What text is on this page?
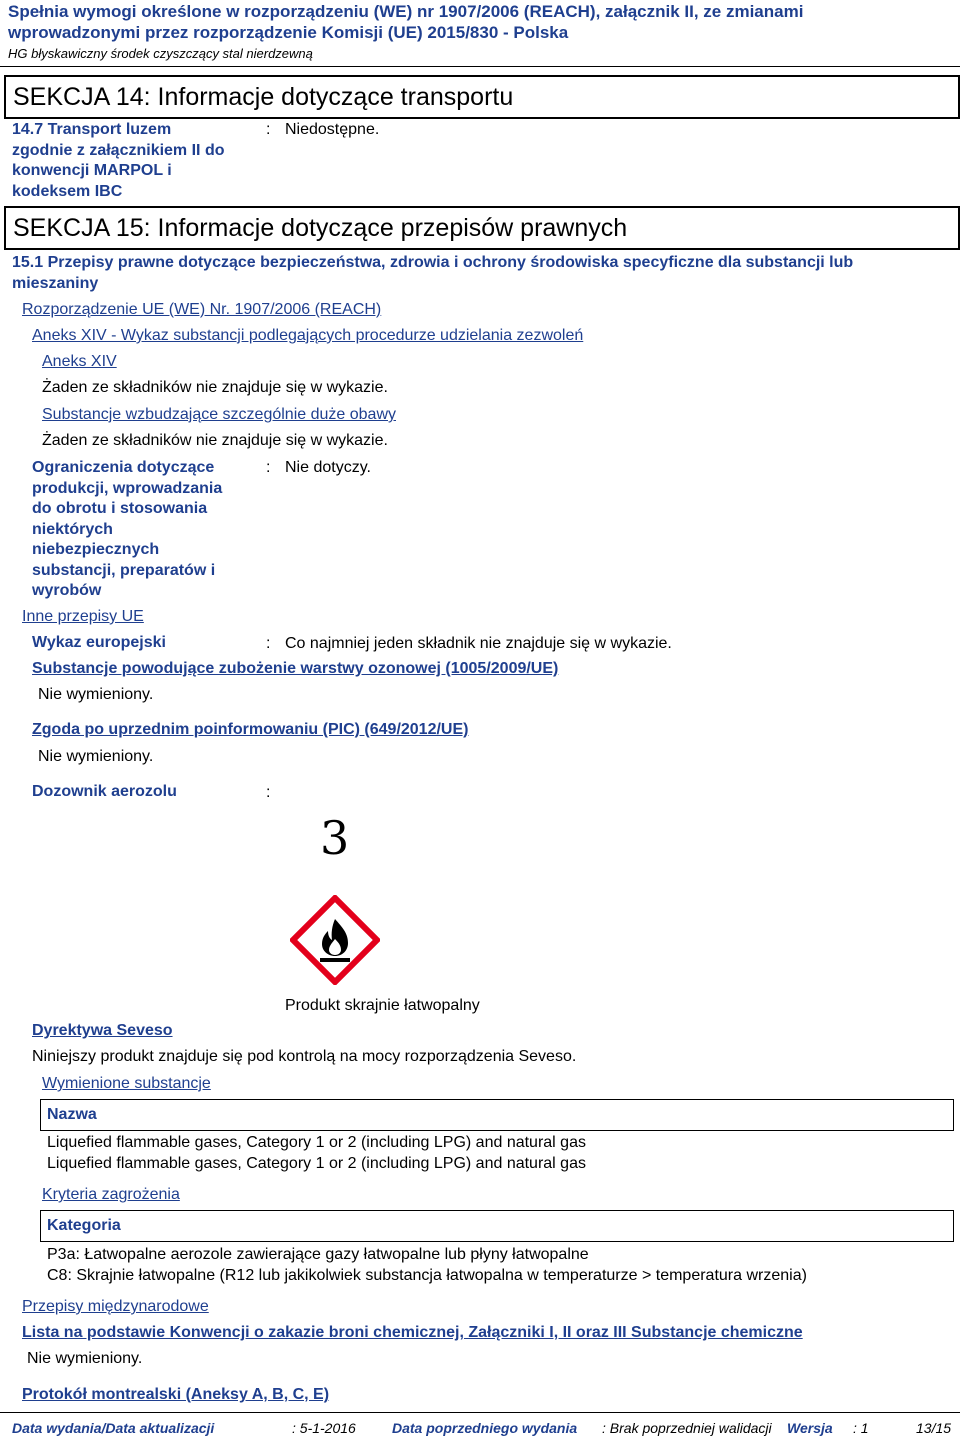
Spełnia wymogi określone w rozporządzeniu (WE) nr 1907/2006 (REACH), załącznik II, ze zmianami
wprowadzonymi przez rozporządzenie Komisji (UE) 2015/830 - Polska
HG błyskawiczny środek czyszczący stal nierdzewną
SEKCJA 14: Informacje dotyczące transportu
14.7 Transport luzem
zgodnie z załącznikiem II do
konwencji MARPOL i
kodeksem IBC
: Niedostępne.
SEKCJA 15: Informacje dotyczące przepisów prawnych
15.1 Przepisy prawne dotyczące bezpieczeństwa, zdrowia i ochrony środowiska specyficzne dla substancji lub
mieszaniny
Rozporządzenie UE (WE) Nr. 1907/2006 (REACH)
Aneks XIV - Wykaz substancji podlegających procedurze udzielania zezwoleń
Aneks XIV
Żaden ze składników nie znajduje się w wykazie.
Substancje wzbudzające szczególnie duże obawy
Żaden ze składników nie znajduje się w wykazie.
Ograniczenia dotyczące
produkcji, wprowadzania
do obrotu i stosowania
niektórych
niebezpiecznych
substancji, preparatów i
wyrobów
: Nie dotyczy.
Inne przepisy UE
Wykaz europejski	: Co najmniej jeden składnik nie znajduje się w wykazie.
Substancje powodujące zubożenie warstwy ozonowej (1005/2009/UE)
Nie wymieniony.
Zgoda po uprzednim poinformowaniu (PIC) (649/2012/UE)
Nie wymieniony.
Dozownik aerozolu	:
3
Produkt skrajnie łatwopalny
Dyrektywa Seveso
Niniejszy produkt znajduje się pod kontrolą na mocy rozporządzenia Seveso.
Wymienione substancje
Nazwa
Liquefied flammable gases, Category 1 or 2 (including LPG) and natural gas
Liquefied flammable gases, Category 1 or 2 (including LPG) and natural gas
Kryteria zagrożenia
Kategoria
P3a: Łatwopalne aerozole zawierające gazy łatwopalne lub płyny łatwopalne
C8: Skrajnie łatwopalne (R12 lub jakikolwiek substancja łatwopalna w temperaturze > temperatura wrzenia)
Przepisy międzynarodowe
Lista na podstawie Konwencji o zakazie broni chemicznej, Załączniki I, II oraz III Substancje chemiczne
Nie wymieniony.
Protokół montrealski (Aneksy A, B, C, E)
Data wydania/Data aktualizacji	: 5-1-2016	Data poprzedniego wydania : Brak poprzedniej walidacji Wersja : 1	13/15
